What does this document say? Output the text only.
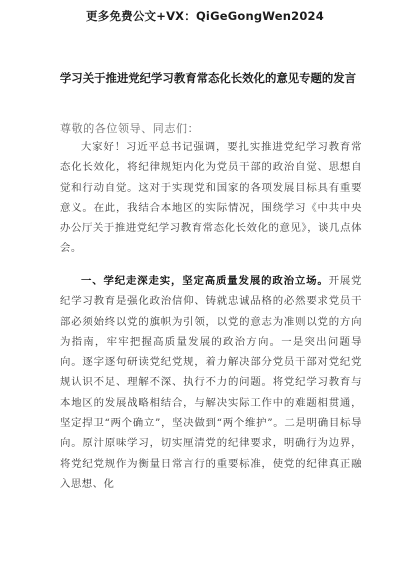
更多免费公文+VX：QiGeGongWen2024
学习关于推进党纪学习教育常态化长效化的意见专题的发言
尊敬的各位领导、同志们：

大家好！习近平总书记强调，要扎实推进党纪学习教育常态化长效化，将纪律规矩内化为党员干部的政治自觉、思想自觉和行动自觉。这对于实现党和国家的各项发展目标具有重要意义。在此，我结合本地区的实际情况，围绕学习《中共中央办公厅关于推进党纪学习教育常态化长效化的意见》，谈几点体会。

一、学纪走深走实，坚定高质量发展的政治立场。开展党纪学习教育是强化政治信仰、铸就忠诚品格的必然要求党员干部必须始终以党的旗帜为引领，以党的意志为准则以党的方向为指南，牢牢把握高质量发展的政治方向。一是突出问题导向。逐字逐句研读党纪党规，着力解决部分党员干部对党纪党规认识不足、理解不深、执行不力的问题。将党纪学习教育与本地区的发展战略相结合，与解决实际工作中的难题相贯通，坚定捍卫“两个确立”，坚决做到“两个维护”。二是明确目标导向。原汁原味学习，切实厘清党的纪律要求，明确行为边界，将党纪党规作为衡量日常言行的重要标准，使党的纪律真正融入思想、化
